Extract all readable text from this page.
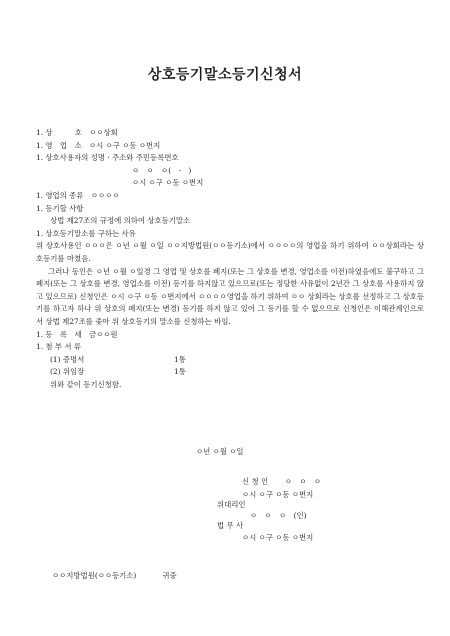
상호등기말소등기신청서
1. 상　　　호　ㅇㅇ상회
1. 영　업　소　ㅇ시 ㅇ구 ㅇ동 ㅇ번지
1. 상호사용자의 성명ㆍ주소와 주민등록번호
ㅇ　ㅇ　ㅇ(　-　)
ㅇ시 ㅇ구 ㅇ동 ㅇ번지
1. 영업의 종류　ㅇㅇㅇㅇ
1. 등기할 사항
상법 제27조의 규정에 의하여 상호등기말소
1. 상호등기말소를 구하는 사유
위 상호사용인 ㅇㅇㅇ은 ㅇ년 ㅇ월 ㅇ일 ㅇㅇ지방법원(ㅇㅇ등기소)에서 ㅇㅇㅇㅇ의 영업을 하기 위하여 ㅇㅇ상회라는 상호등기를 마쳤음.
그러나 동인은 ㅇ년 ㅇ월 ㅇ일경 그 영업 및 상호를 폐지(또는 그 상호를 변경, 영업소를 이전)하였음에도 불구하고 그 폐지(또는 그 상호를 변경, 영업소를 이전) 등기를 하지않고 있으므로(또는 정당한 사유없이 2년간 그 상호를 사용하지 않고 있으므로) 신청인은 ㅇ시 ㅇ구 ㅇ동 ㅇ번지에서 ㅇㅇㅇㅇ영업을 하기 위하여 ㅇㅇ 상회라는 상호를 선정하고 그 상호등기를 하고자 하나 위 상호의 폐지(또는 변경) 등기를 하지 않고 있어 그 등기를 할 수 없으므로 신청인은 이해관계인으로서 상법 제27조를 좇아 위 상호등기의 말소를 신청하는 바임.
1. 등　록　세　금ㅇㅇ원
1. 첨 부 서 류
(1) 증명서	1통
(2) 위임장	1통
위와 같이 등기신청함.
ㅇ년 ㅇ월 ㅇ일
신 청 인 ㅇ　ㅇ　ㅇ
ㅇ시 ㅇ구 ㅇ동 ㅇ번지
위대리인
법 무 사
ㅇ　ㅇ　ㅇ　(인)
ㅇ시 ㅇ구 ㅇ동 ㅇ번지
ㅇㅇ지방법원(ㅇㅇ등기소)	귀중
